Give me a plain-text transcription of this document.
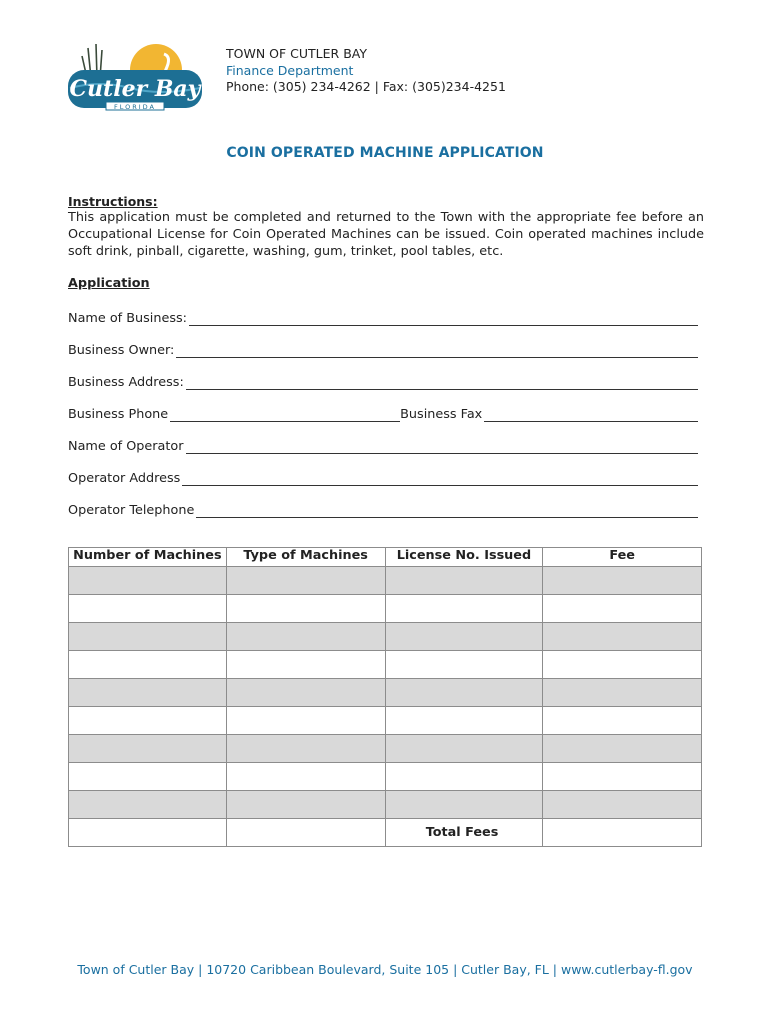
Cutler Bay
FLORIDA
TOWN OF CUTLER BAY
Finance Department
Phone: (305) 234-4262 | Fax: (305)234-4251
COIN OPERATED MACHINE APPLICATION
Instructions:
This application must be completed and returned to the Town with the appropriate fee before an Occupational License for Coin Operated Machines can be issued. Coin operated machines include soft drink, pinball, cigarette, washing, gum, trinket, pool tables, etc.
Application
Name of Business:
Business Owner:
Business Address:
Business Phone	Business Fax
Name of Operator
Operator Address
Operator Telephone
Number of Machines	Type of Machines	License No. Issued	Fee

		Total Fees	
Town of Cutler Bay | 10720 Caribbean Boulevard, Suite 105 | Cutler Bay, FL | www.cutlerbay-fl.gov
